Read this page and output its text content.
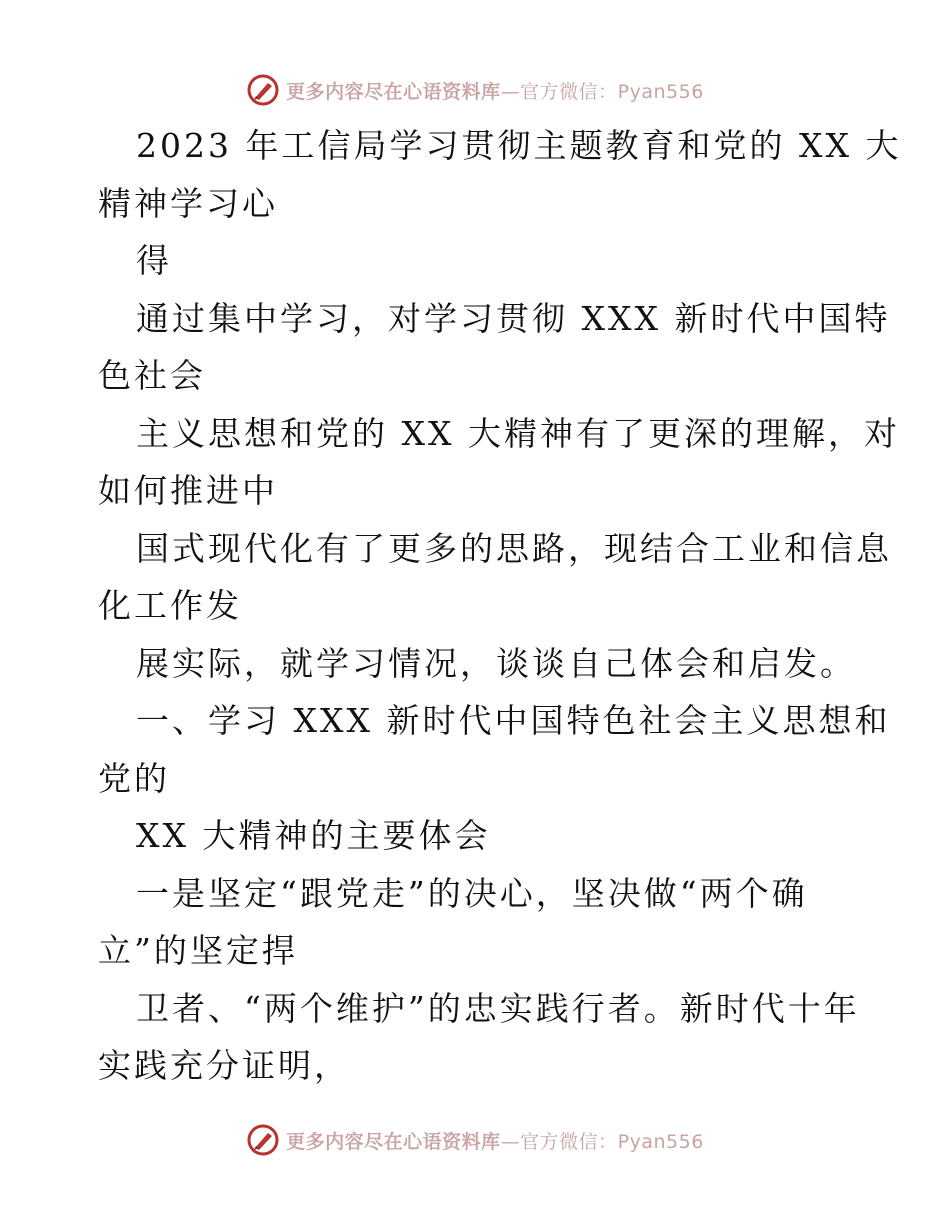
更多内容尽在心语资料库—官方微信：Pyan556
2023 年工信局学习贯彻主题教育和党的 XX 大
精神学习心
得
通过集中学习，对学习贯彻 XXX 新时代中国特
色社会
主义思想和党的 XX 大精神有了更深的理解，对
如何推进中
国式现代化有了更多的思路，现结合工业和信息
化工作发
展实际，就学习情况，谈谈自己体会和启发。
一、学习 XXX 新时代中国特色社会主义思想和
党的
XX 大精神的主要体会
一是坚定“跟党走”的决心，坚决做“两个确
立”的坚定捍
卫者、“两个维护”的忠实践行者。新时代十年
实践充分证明，
更多内容尽在心语资料库—官方微信：Pyan556
